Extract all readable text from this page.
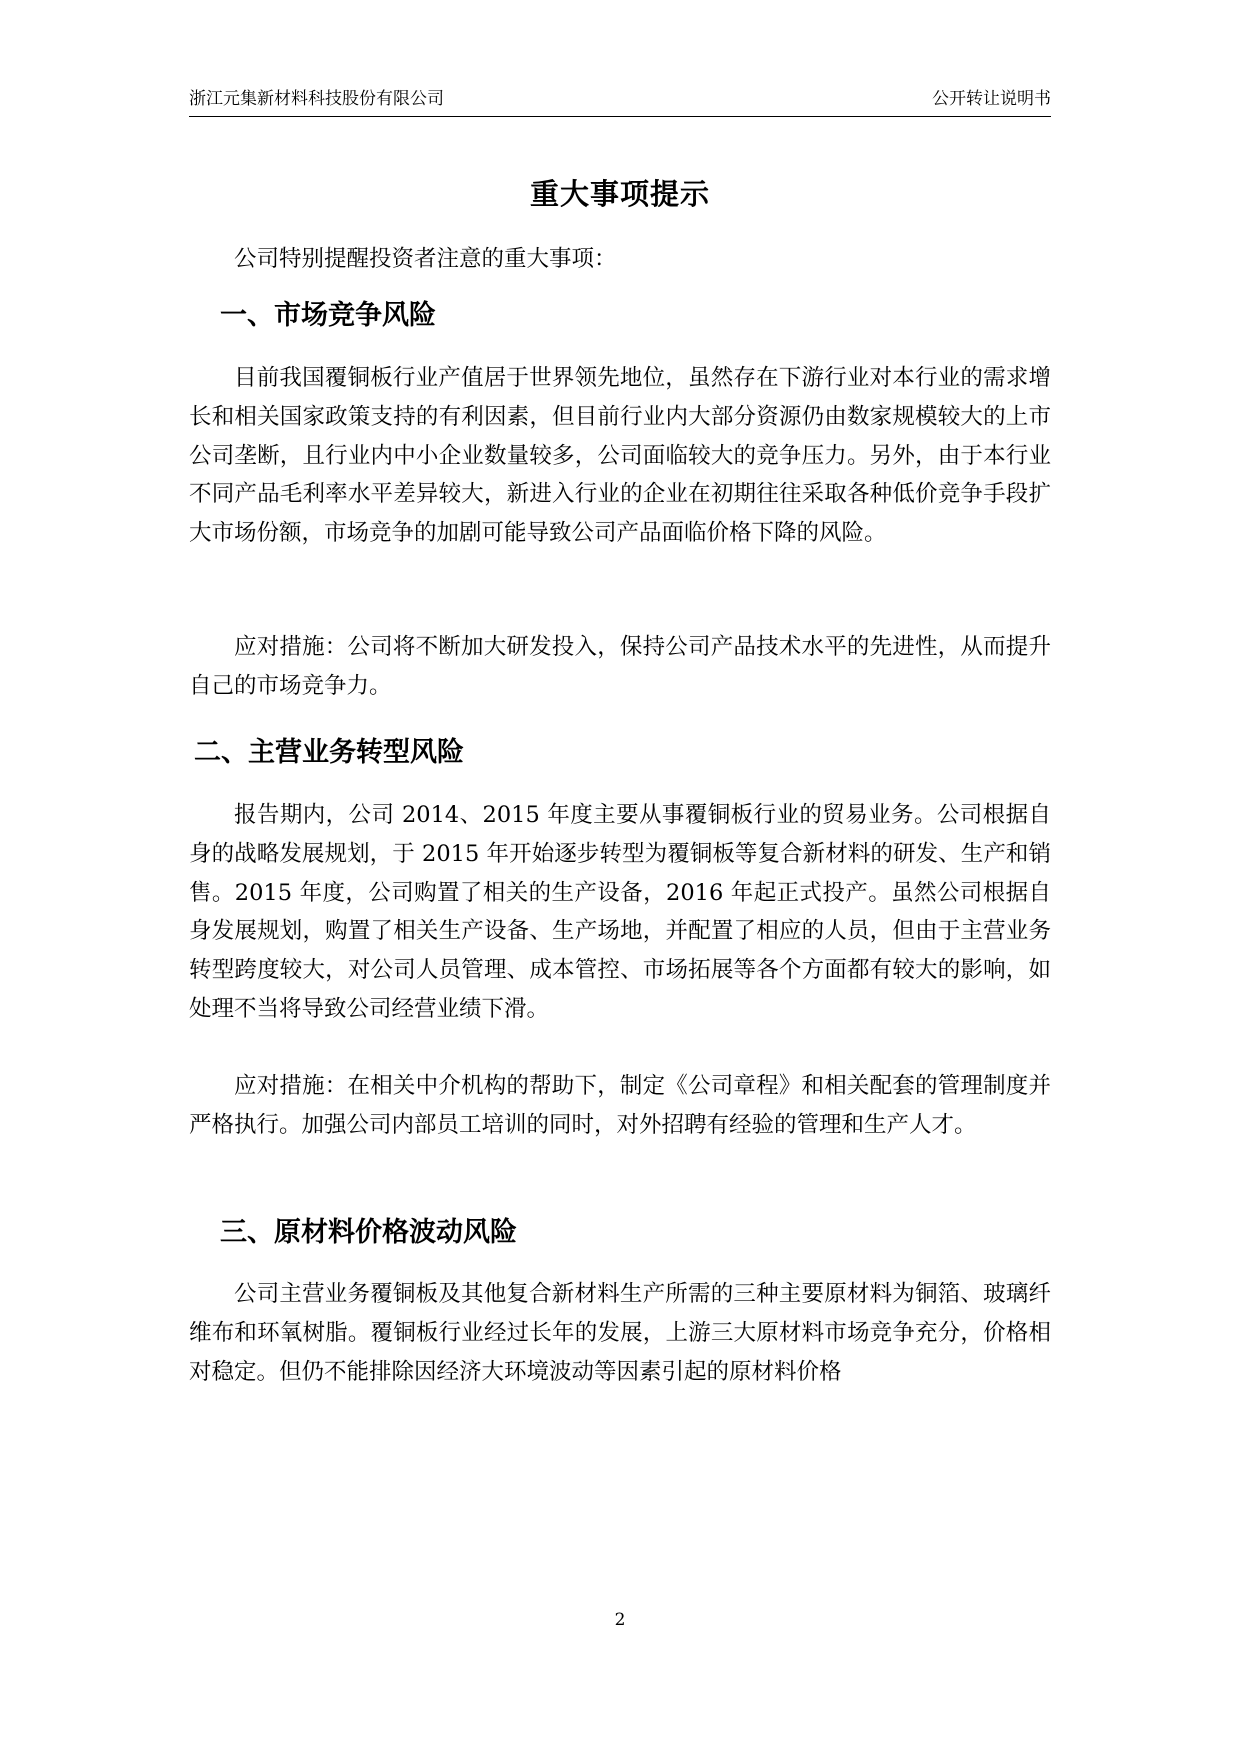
浙江元集新材料科技股份有限公司	公开转让说明书
重大事项提示

公司特别提醒投资者注意的重大事项：

一、市场竞争风险

目前我国覆铜板行业产值居于世界领先地位，虽然存在下游行业对本行业的需求增长和相关国家政策支持的有利因素，但目前行业内大部分资源仍由数家规模较大的上市公司垄断，且行业内中小企业数量较多，公司面临较大的竞争压力。另外，由于本行业不同产品毛利率水平差异较大，新进入行业的企业在初期往往采取各种低价竞争手段扩大市场份额，市场竞争的加剧可能导致公司产品面临价格下降的风险。

应对措施：公司将不断加大研发投入，保持公司产品技术水平的先进性，从而提升自己的市场竞争力。

二、主营业务转型风险

报告期内，公司 2014、2015 年度主要从事覆铜板行业的贸易业务。公司根据自身的战略发展规划，于 2015 年开始逐步转型为覆铜板等复合新材料的研发、生产和销售。2015 年度，公司购置了相关的生产设备，2016 年起正式投产。虽然公司根据自身发展规划，购置了相关生产设备、生产场地，并配置了相应的人员，但由于主营业务转型跨度较大，对公司人员管理、成本管控、市场拓展等各个方面都有较大的影响，如处理不当将导致公司经营业绩下滑。

应对措施：在相关中介机构的帮助下，制定《公司章程》和相关配套的管理制度并严格执行。加强公司内部员工培训的同时，对外招聘有经验的管理和生产人才。

三、原材料价格波动风险

公司主营业务覆铜板及其他复合新材料生产所需的三种主要原材料为铜箔、玻璃纤维布和环氧树脂。覆铜板行业经过长年的发展，上游三大原材料市场竞争充分，价格相对稳定。但仍不能排除因经济大环境波动等因素引起的原材料价格

2
